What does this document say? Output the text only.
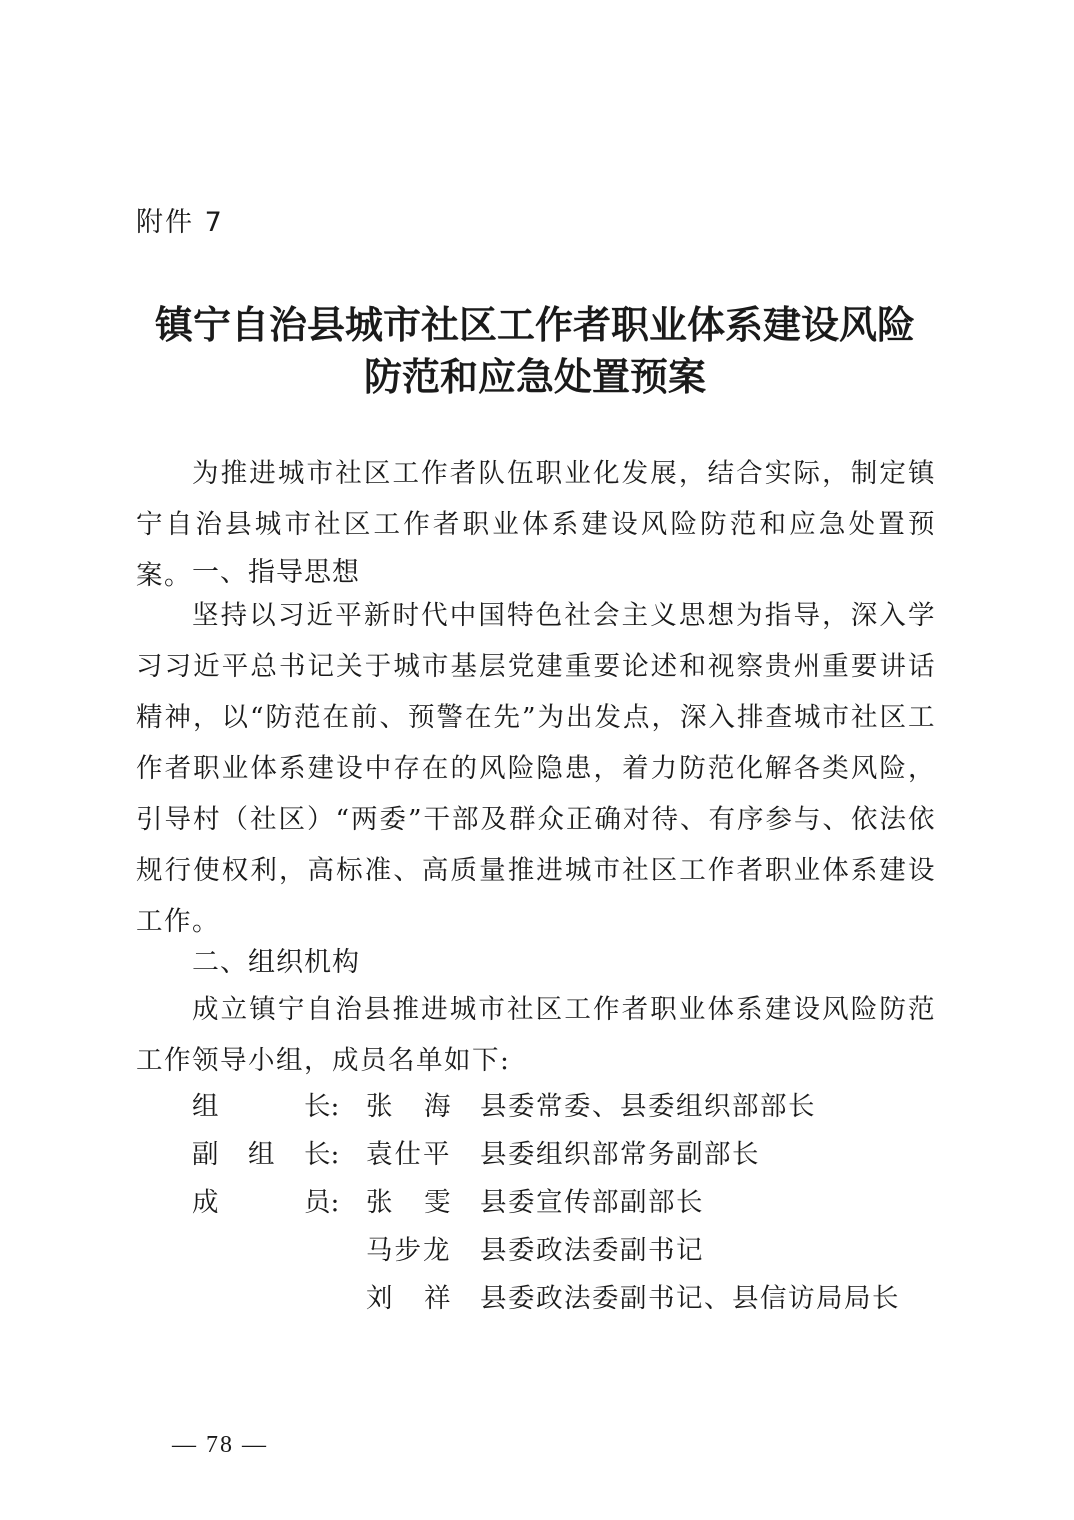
附件 7
镇宁自治县城市社区工作者职业体系建设风险
防范和应急处置预案

为推进城市社区工作者队伍职业化发展，结合实际，制定镇宁自治县城市社区工作者职业体系建设风险防范和应急处置预案。 一、指导思想

坚持以习近平新时代中国特色社会主义思想为指导，深入学习习近平总书记关于城市基层党建重要论述和视察贵州重要讲话精神，以“防范在前、预警在先”为出发点，深入排查城市社区工作者职业体系建设中存在的风险隐患，着力防范化解各类风险，引导村（社区）“两委”干部及群众正确对待、有序参与、依法依规行使权利，高标准、高质量推进城市社区工作者职业体系建设工作。

二、组织机构

成立镇宁自治县推进城市社区工作者职业体系建设风险防范工作领导小组，成员名单如下:

组	长: 张 海 县委常委、县委组织部部长
副 组 长: 袁仕平 县委组织部常务副部长
成	员: 张 雯 县委宣传部副部长
马步龙 县委政法委副书记
刘 祥 县委政法委副书记、县信访局局长
— 78 —
